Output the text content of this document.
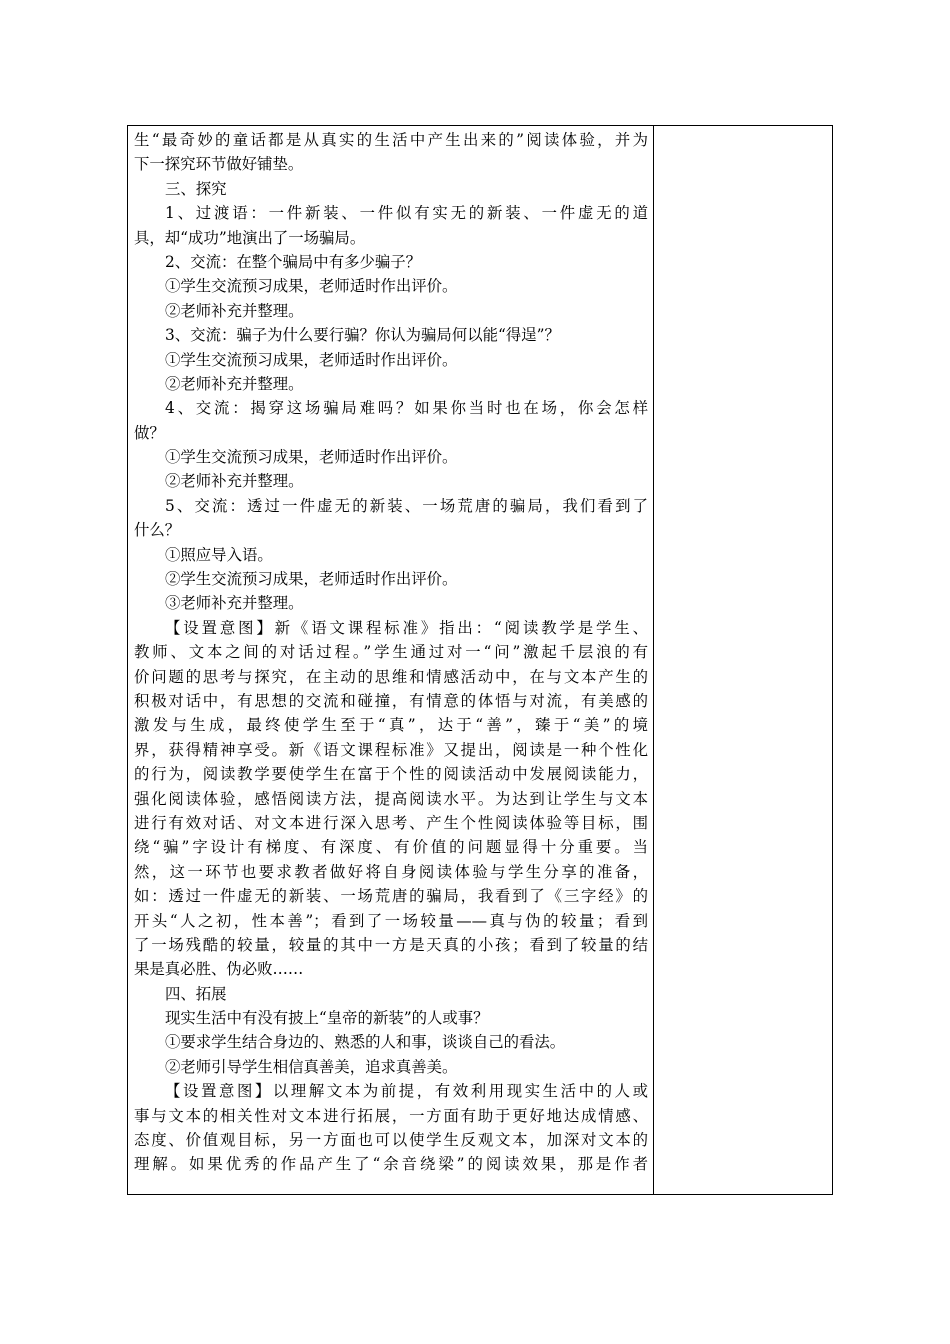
生“最奇妙的童话都是从真实的生活中产生出来的”阅读体验，并为
下一探究环节做好铺垫。
三、探究
1、过渡语：一件新装、一件似有实无的新装、一件虚无的道
具，却“成功”地演出了一场骗局。
2、交流：在整个骗局中有多少骗子？
①学生交流预习成果，老师适时作出评价。
②老师补充并整理。
3、交流：骗子为什么要行骗？你认为骗局何以能“得逞”？
①学生交流预习成果，老师适时作出评价。
②老师补充并整理。
4、交流：揭穿这场骗局难吗？如果你当时也在场，你会怎样
做？
①学生交流预习成果，老师适时作出评价。
②老师补充并整理。
5、交流：透过一件虚无的新装、一场荒唐的骗局，我们看到了
什么？
①照应导入语。
②学生交流预习成果，老师适时作出评价。
③老师补充并整理。
【设置意图】新《语文课程标准》指出：“阅读教学是学生、
教师、文本之间的对话过程。”学生通过对一“问”激起千层浪的有
价问题的思考与探究，在主动的思维和情感活动中，在与文本产生的
积极对话中，有思想的交流和碰撞，有情意的体悟与对流，有美感的
激发与生成，最终使学生至于“真”，达于“善”，臻于“美”的境
界，获得精神享受。新《语文课程标准》又提出，阅读是一种个性化
的行为，阅读教学要使学生在富于个性的阅读活动中发展阅读能力，
强化阅读体验，感悟阅读方法，提高阅读水平。为达到让学生与文本
进行有效对话、对文本进行深入思考、产生个性阅读体验等目标，围
绕“骗”字设计有梯度、有深度、有价值的问题显得十分重要。当
然，这一环节也要求教者做好将自身阅读体验与学生分享的准备，
如：透过一件虚无的新装、一场荒唐的骗局，我看到了《三字经》的
开头“人之初，性本善”；看到了一场较量——真与伪的较量；看到
了一场残酷的较量，较量的其中一方是天真的小孩；看到了较量的结
果是真必胜、伪必败……
四、拓展
现实生活中有没有披上“皇帝的新装”的人或事？
①要求学生结合身边的、熟悉的人和事，谈谈自己的看法。
②老师引导学生相信真善美，追求真善美。
【设置意图】以理解文本为前提，有效利用现实生活中的人或
事与文本的相关性对文本进行拓展，一方面有助于更好地达成情感、
态度、价值观目标，另一方面也可以使学生反观文本，加深对文本的
理解。如果优秀的作品产生了“余音绕梁”的阅读效果，那是作者
